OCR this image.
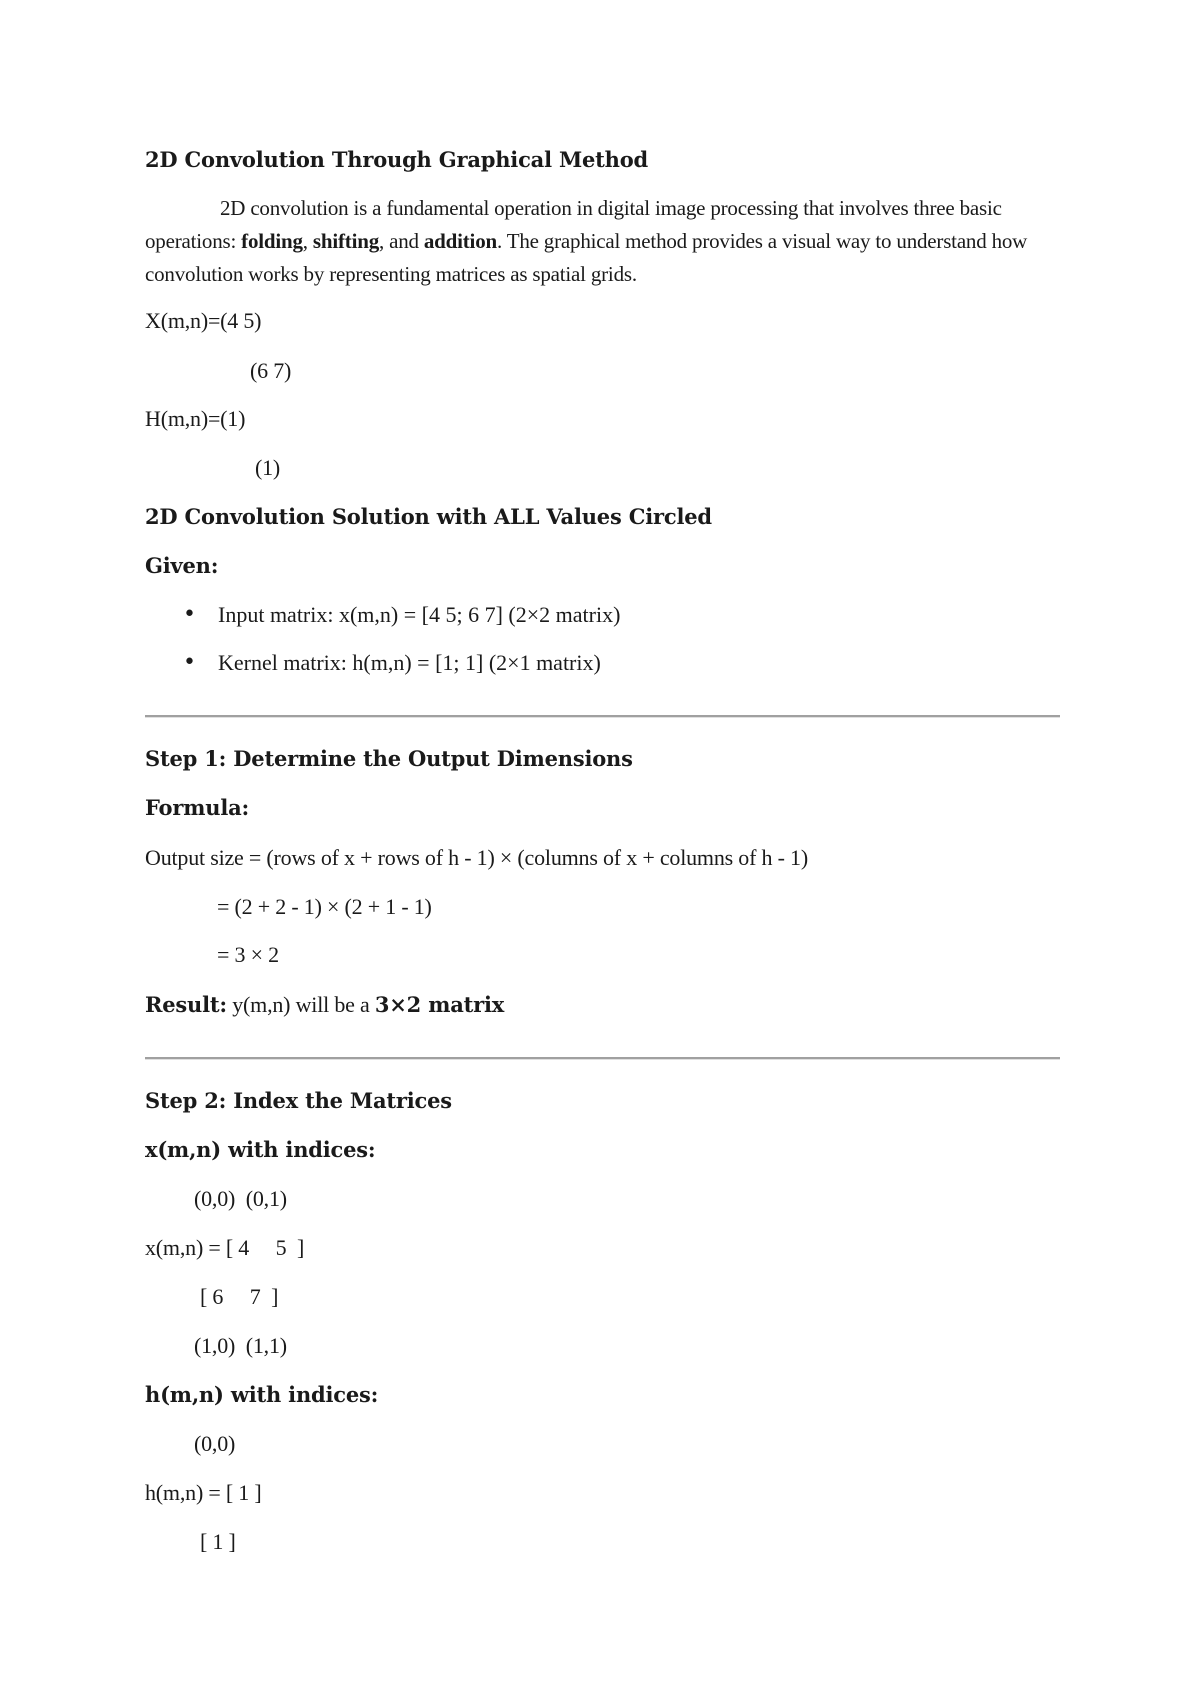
2D Convolution Through Graphical Method
2D convolution is a fundamental operation in digital image processing that involves three basic operations: folding, shifting, and addition. The graphical method provides a visual way to understand how convolution works by representing matrices as spatial grids.
X(m,n)=(4 5)
(6 7)
H(m,n)=(1)
(1)
2D Convolution Solution with ALL Values Circled
Given:
• Input matrix: x(m,n) = [4 5; 6 7] (2×2 matrix)
• Kernel matrix: h(m,n) = [1; 1] (2×1 matrix)
Step 1: Determine the Output Dimensions
Formula:
Output size = (rows of x + rows of h - 1) × (columns of x + columns of h - 1)
= (2 + 2 - 1) × (2 + 1 - 1)
= 3 × 2
Result: y(m,n) will be a 3×2 matrix
Step 2: Index the Matrices
x(m,n) with indices:
(0,0)  (0,1)
x(m,n) = [ 4     5  ]
[ 6     7  ]
(1,0)  (1,1)
h(m,n) with indices:
(0,0)
h(m,n) = [ 1 ]
[ 1 ]
